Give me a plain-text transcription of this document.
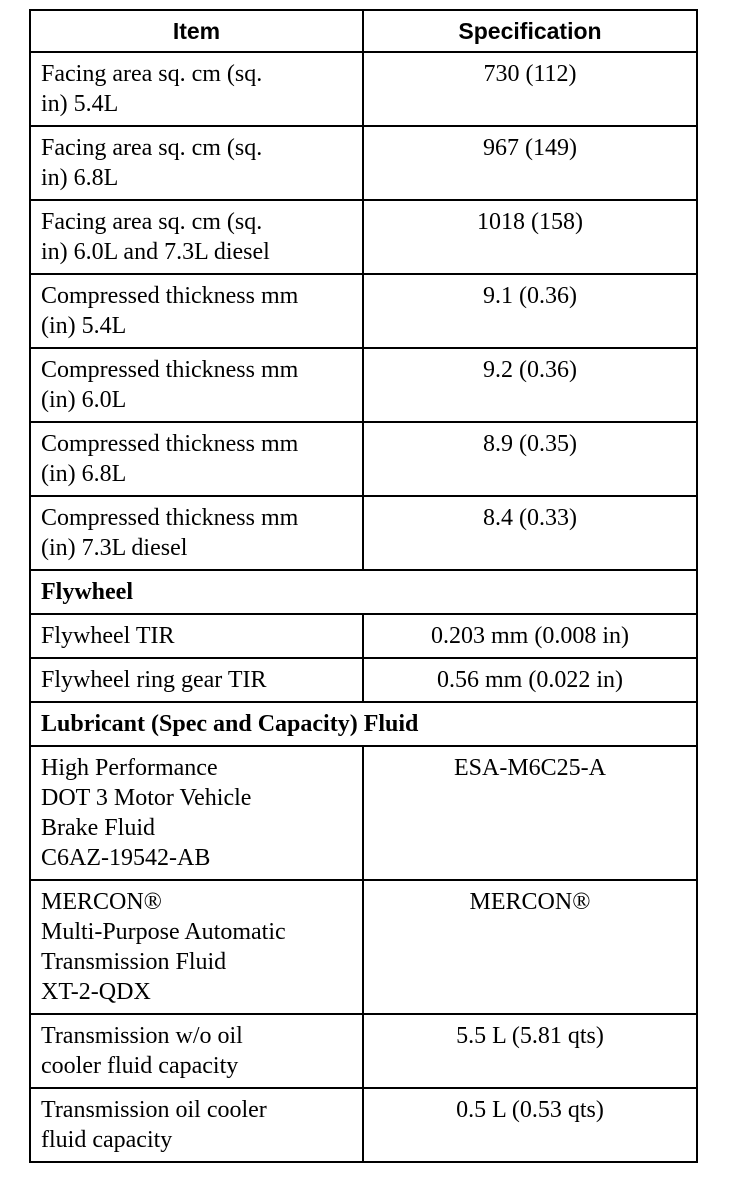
Item	Specification

Facing area sq. cm (sq.
in) 5.4L	730 (112)

Facing area sq. cm (sq.
in) 6.8L	967 (149)

Facing area sq. cm (sq.
in) 6.0L and 7.3L diesel	1018 (158)

Compressed thickness mm
(in) 5.4L	9.1 (0.36)

Compressed thickness mm
(in) 6.0L	9.2 (0.36)

Compressed thickness mm
(in) 6.8L	8.9 (0.35)

Compressed thickness mm
(in) 7.3L diesel	8.4 (0.33)
Flywheel	

Flywheel TIR	0.203 mm (0.008 in)

Flywheel ring gear TIR	0.56 mm (0.022 in)
Lubricant (Spec and Capacity) Fluid	

High Performance
DOT 3 Motor Vehicle
Brake Fluid
C6AZ-19542-AB	ESA-M6C25-A

MERCON®
Multi-Purpose Automatic
Transmission Fluid
XT-2-QDX	MERCON®

Transmission w/o oil
cooler fluid capacity	5.5 L (5.81 qts)

Transmission oil cooler
fluid capacity	0.5 L (0.53 qts)
